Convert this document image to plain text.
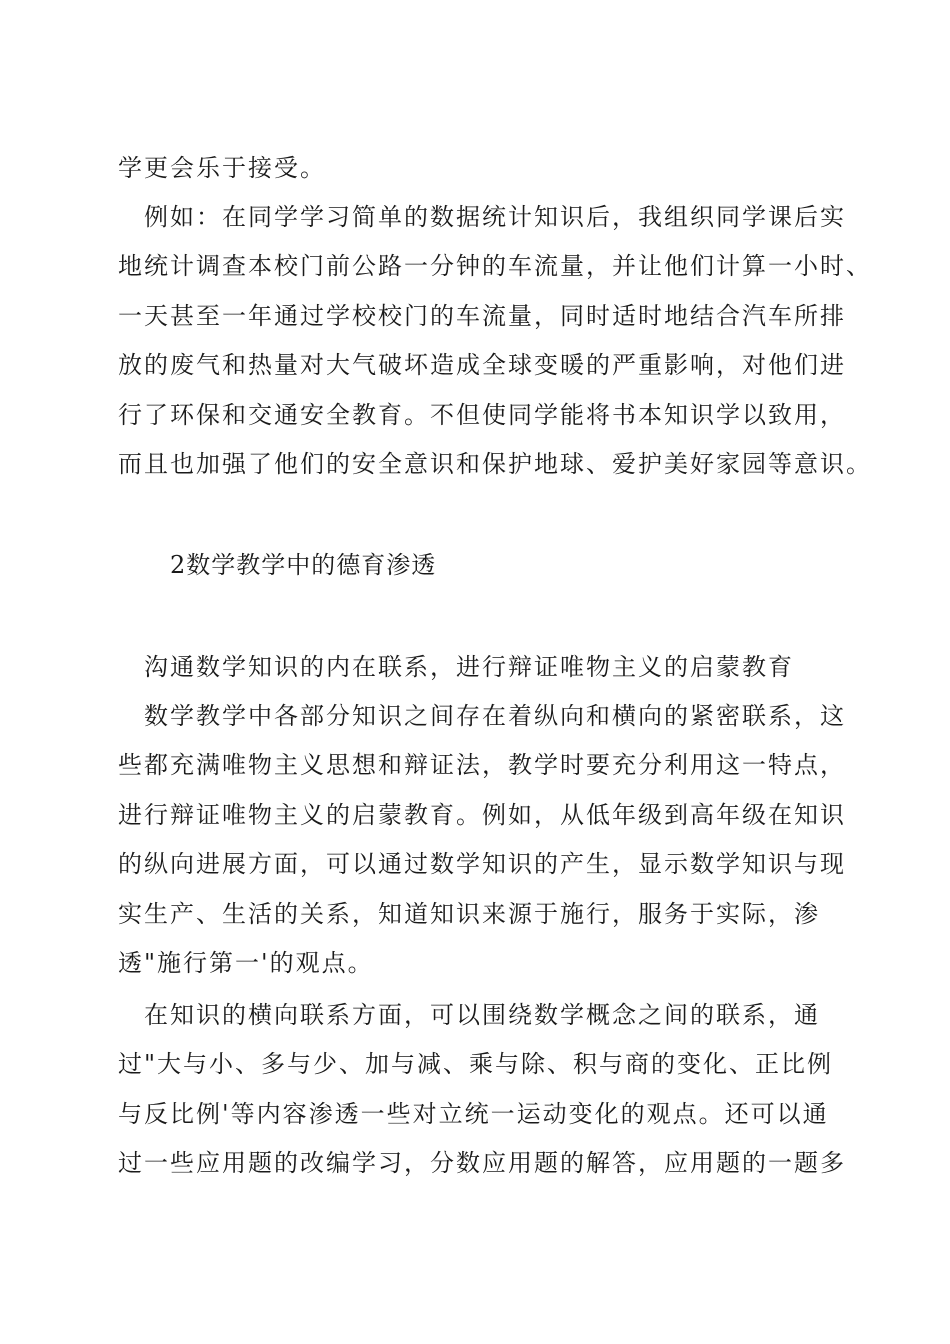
学更会乐于接受。
例如：在同学学习简单的数据统计知识后，我组织同学课后实
地统计调查本校门前公路一分钟的车流量，并让他们计算一小时、
一天甚至一年通过学校校门的车流量，同时适时地结合汽车所排
放的废气和热量对大气破坏造成全球变暖的严重影响，对他们进
行了环保和交通安全教育。不但使同学能将书本知识学以致用，
而且也加强了他们的安全意识和保护地球、爱护美好家园等意识。
2数学教学中的德育渗透
沟通数学知识的内在联系，进行辩证唯物主义的启蒙教育
数学教学中各部分知识之间存在着纵向和横向的紧密联系，这
些都充满唯物主义思想和辩证法，教学时要充分利用这一特点，
进行辩证唯物主义的启蒙教育。例如，从低年级到高年级在知识
的纵向进展方面，可以通过数学知识的产生，显示数学知识与现
实生产、生活的关系，知道知识来源于施行，服务于实际，渗
透"施行第一'的观点。
在知识的横向联系方面，可以围绕数学概念之间的联系，通
过"大与小、多与少、加与减、乘与除、积与商的变化、正比例
与反比例'等内容渗透一些对立统一运动变化的观点。还可以通
过一些应用题的改编学习，分数应用题的解答，应用题的一题多
